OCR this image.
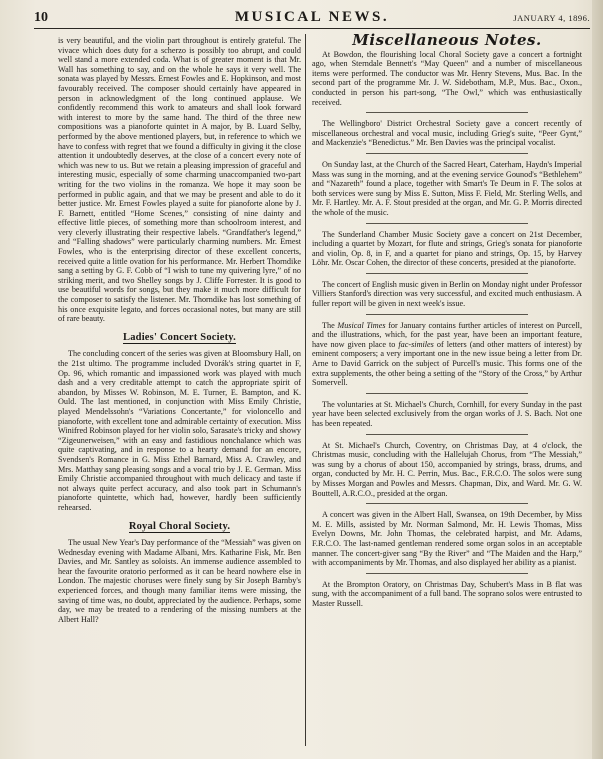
10	MUSICAL NEWS.	JANUARY 4, 1896.

is very beautiful, and the violin part throughout is entirely grateful. The vivace which does duty for a scherzo is possibly too abrupt, and could well stand a more extended coda. What is of greater moment is that Mr. Wall has something to say, and on the whole he says it very well. The sonata was played by Messrs. Ernest Fowles and E. Hopkinson, and most favourably received. The composer should certainly have appeared in person in acknowledgment of the long continued applause. We confidently recommend this work to amateurs and shall look forward with interest to more by the same hand. The third of the three new compositions was a pianoforte quintet in A major, by B. Luard Selby, performed by the above mentioned players, but, in reference to which we have to confess with regret that we found a difficulty in giving it the close attention it undoubtedly deserves, at the close of a concert every note of which was new to us. But we retain a pleasing impression of graceful and interesting music, especially of some charming unaccompanied two-part writing for the two violins in the romanza. We hope it may soon be performed in public again, and that we may be present and able to do it better justice. Mr. Ernest Fowles played a suite for pianoforte alone by J. F. Barnett, entitled “Home Scenes,” consisting of nine dainty and effective little pieces, of something more than schoolroom interest, and very cleverly illustrating their respective labels. “Grandfather's legend,” and “Falling shadows” were particularly charming numbers. Mr. Ernest Fowles, who is the enterprising director of these excellent concerts, received quite a little ovation for his performance. Mr. Herbert Thorndike sang a setting by G. F. Cobb of “I wish to tune my quivering lyre,” of no striking merit, and two Shelley songs by J. Cliffe Forrester. It is good to use beautiful words for songs, but they make it much more difficult for the composer to satisfy the listener. Mr. Thorndike has lost something of his once exquisite legato, and forces occasional notes, but many are still of rare beauty.

Ladies' Concert Society.

The concluding concert of the series was given at Bloomsbury Hall, on the 21st ultimo. The programme included Dvorák's string quartet in F, Op. 96, which romantic and impassioned work was played with much dash and a very creditable attempt to catch the appropriate spirit of abandon, by Misses W. Robinson, M. E. Turner, E. Bampton, and K. Ould. The last mentioned, in conjunction with Miss Emily Christie, played Mendelssohn's “Variations Concertante,” for violoncello and pianoforte, with excellent tone and admirable certainty of execution. Miss Winifred Robinson played for her violin solo, Sarasate's tricky and showy “Zigeunerweisen,” with an easy and fastidious nonchalance which was quite captivating, and in response to a hearty demand for an encore, Svendsen's Romance in G. Miss Ethel Barnard, Miss A. Crawley, and Mrs. Matthay sang pleasing songs and a vocal trio by J. E. German. Miss Emily Christie accompanied throughout with much delicacy and taste if not always quite perfect accuracy, and also took part in Schumann's pianoforte quintette, which had, however, hardly been sufficiently rehearsed.

Royal Choral Society.

The usual New Year's Day performance of the “Messiah” was given on Wednesday evening with Madame Albani, Mrs. Katharine Fisk, Mr. Ben Davies, and Mr. Santley as soloists. An immense audience assembled to hear the favourite oratorio performed as it can be heard nowhere else in London. The majestic choruses were finely sung by Sir Joseph Barnby's experienced forces, and though many familiar items were missing, the saving of time was, no doubt, appreciated by the audience. Perhaps, some day, we may be treated to a rendering of the missing numbers at the Albert Hall?

Miscellaneous Notes.

At Bowdon, the flourishing local Choral Society gave a concert a fortnight ago, when Sterndale Bennett's “May Queen” and a number of miscellaneous items were performed. The conductor was Mr. Henry Stevens, Mus. Bac. In the second part of the programme Mr. J. W. Sidebotham, M.P., Mus. Bac., Oxon., conducted in person his part-song, “The Owl,” which was enthusiastically received.

The Wellingboro' District Orchestral Society gave a concert recently of miscellaneous orchestral and vocal music, including Grieg's suite, “Peer Gynt,” and Mackenzie's “Benedictus.” Mr. Ben Davies was the principal vocalist.

On Sunday last, at the Church of the Sacred Heart, Caterham, Haydn's Imperial Mass was sung in the morning, and at the evening service Gounod's “Bethlehem” and “Nazareth” found a place, together with Smart's Te Deum in F. The solos at both services were sung by Miss E. Sutton, Miss F. Field, Mr. Sterling Wells, and Mr. F. Hartley. Mr. A. F. Stout presided at the organ, and Mr. G. P. Morris directed the whole of the music.

The Sunderland Chamber Music Society gave a concert on 21st December, including a quartet by Mozart, for flute and strings, Grieg's sonata for pianoforte and violin, Op. 8, in F, and a quartet for piano and strings, Op. 15, by Harvey Löhr. Mr. Oscar Cohen, the director of these concerts, presided at the pianoforte.

The concert of English music given in Berlin on Monday night under Professor Villiers Stanford's direction was very successful, and excited much enthusiasm. A fuller report will be given in next week's issue.

The Musical Times for January contains further articles of interest on Purcell, and the illustrations, which, for the past year, have been an important feature, have now given place to fac-similes of letters (and other matters of interest) by eminent composers; a very important one in the new issue being a letter from Dr. Arne to David Garrick on the subject of Purcell's music. This forms one of the extra supplements, the other being a setting of the “Story of the Cross,” by Arthur Somervell.

The voluntaries at St. Michael's Church, Cornhill, for every Sunday in the past year have been selected exclusively from the organ works of J. S. Bach. Not one has been repeated.

At St. Michael's Church, Coventry, on Christmas Day, at 4 o'clock, the Christmas music, concluding with the Hallelujah Chorus, from “The Messiah,” was sung by a chorus of about 150, accompanied by strings, brass, drums, and organ, conducted by Mr. H. C. Perrin, Mus. Bac., F.R.C.O. The solos were sung by Misses Morgan and Powles and Messrs. Chapman, Dix, and Ward. Mr. G. W. Bouttell, A.R.C.O., presided at the organ.

A concert was given in the Albert Hall, Swansea, on 19th December, by Miss M. E. Mills, assisted by Mr. Norman Salmond, Mr. H. Lewis Thomas, Miss Evelyn Downs, Mr. John Thomas, the celebrated harpist, and Mr. Adams, F.R.C.O. The last-named gentleman rendered some organ solos in an acceptable manner. The concert-giver sang “By the River” and “The Maiden and the Harp,” with accompaniments by Mr. Thomas, and also displayed her ability as a pianist.

At the Brompton Oratory, on Christmas Day, Schubert's Mass in B flat was sung, with the accompaniment of a full band. The soprano solos were entrusted to Master Russell.
